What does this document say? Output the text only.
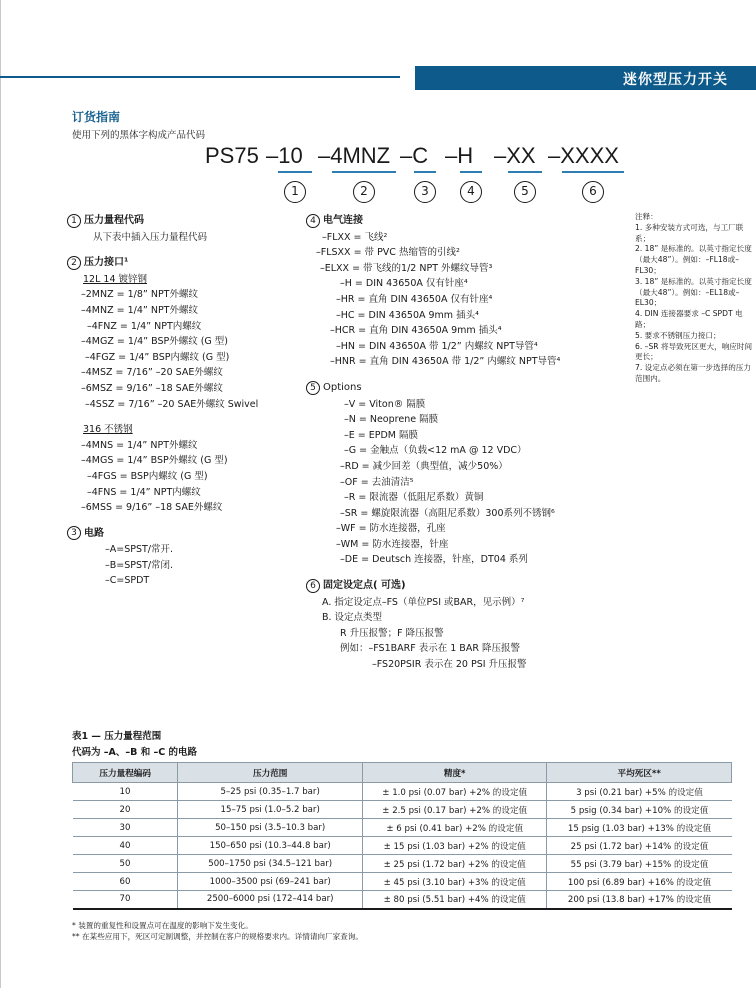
迷你型压力开关
订货指南
使用下列的黑体字构成产品代码
PS75 –10 –4MNZ –C –H –XX –XXXX
1	2	3	4	5	6
1 压力量程代码
从下表中插入压力量程代码
2 压力接口¹
12L 14 镀锌钢
–2MNZ = 1/8” NPT外螺纹
–4MNZ = 1/4” NPT外螺纹
–4FNZ = 1/4” NPT内螺纹
–4MGZ = 1/4” BSP外螺纹 (G 型)
–4FGZ = 1/4” BSP内螺纹 (G 型)
–4MSZ = 7/16” –20 SAE外螺纹
–6MSZ = 9/16” –18 SAE外螺纹
–4SSZ = 7/16” –20 SAE外螺纹 Swivel
316 不锈钢
–4MNS = 1/4” NPT外螺纹
–4MGS = 1/4” BSP外螺纹 (G 型)
–4FGS = BSP内螺纹 (G 型)
–4FNS = 1/4” NPT内螺纹
–6MSS = 9/16” –18 SAE外螺纹
3 电路
–A=SPST/常开.
–B=SPST/常闭.
–C=SPDT
4 电气连接
–FLXX = 飞线²
–FLSXX = 带 PVC 热缩管的引线²
–ELXX = 带飞线的1/2 NPT 外螺纹导管³
–H = DIN 43650A 仅有针座⁴
–HR = 直角 DIN 43650A 仅有针座⁴
–HC = DIN 43650A 9mm 插头⁴
–HCR = 直角 DIN 43650A 9mm 插头⁴
–HN = DIN 43650A 带 1/2” 内螺纹 NPT导管⁴
–HNR = 直角 DIN 43650A 带 1/2” 内螺纹 NPT导管⁴
5 Options
–V = Viton® 隔膜
–N = Neoprene 隔膜
–E = EPDM 隔膜
–G = 金触点（负载<12 mA @ 12 VDC）
–RD = 减少回差（典型值，减少50%）
–OF = 去油清洁⁵
–R = 限流器（低阻尼系数）黄铜
–SR = 螺旋限流器（高阻尼系数）300系列不锈钢⁶
–WF = 防水连接器，孔座
–WM = 防水连接器，针座
–DE = Deutsch 连接器，针座，DT04 系列
6 固定设定点( 可选)
A. 指定设定点–FS（单位PSI 或BAR，见示例）⁷
B. 设定点类型
R 升压报警；F 降压报警
例如：–FS1BARF 表示在 1 BAR 降压报警
–FS20PSIR 表示在 20 PSI 升压报警
注释：
1. 多种安装方式可选，与工厂联系；
2. 18” 是标准的。以英寸指定长度（最大48”）。例如：–FL18或–FL30；
3. 18” 是标准的。以英寸指定长度（最大48”）。例如：–EL18或–EL30；
4. DIN 连接器要求 –C SPDT 电路；
5. 要求不锈钢压力接口；
6. –SR 将导致死区更大，响应时间更长；
7. 设定点必须在第一步选择的压力范围内。
表1 — 压力量程范围
代码为 –A、–B 和 –C 的电路
压力量程编码	压力范围	精度*	平均死区**
10	5–25 psi (0.35–1.7 bar)	± 1.0 psi (0.07 bar) +2% 的设定值	3 psi (0.21 bar) +5% 的设定值
20	15–75 psi (1.0–5.2 bar)	± 2.5 psi (0.17 bar) +2% 的设定值	5 psig (0.34 bar) +10% 的设定值
30	50–150 psi (3.5–10.3 bar)	± 6 psi (0.41 bar) +2% 的设定值	15 psig (1.03 bar) +13% 的设定值
40	150–650 psi (10.3–44.8 bar)	± 15 psi (1.03 bar) +2% 的设定值	25 psi (1.72 bar) +14% 的设定值
50	500–1750 psi (34.5–121 bar)	± 25 psi (1.72 bar) +2% 的设定值	55 psi (3.79 bar) +15% 的设定值
60	1000–3500 psi (69–241 bar)	± 45 psi (3.10 bar) +3% 的设定值	100 psi (6.89 bar) +16% 的设定值
70	2500–6000 psi (172–414 bar)	± 80 psi (5.51 bar) +4% 的设定值	200 psi (13.8 bar) +17% 的设定值
* 装置的重复性和设置点可在温度的影响下发生变化。
** 在某些应用下，死区可定制调整，并控制在客户的规格要求内。详情请向厂家查询。
